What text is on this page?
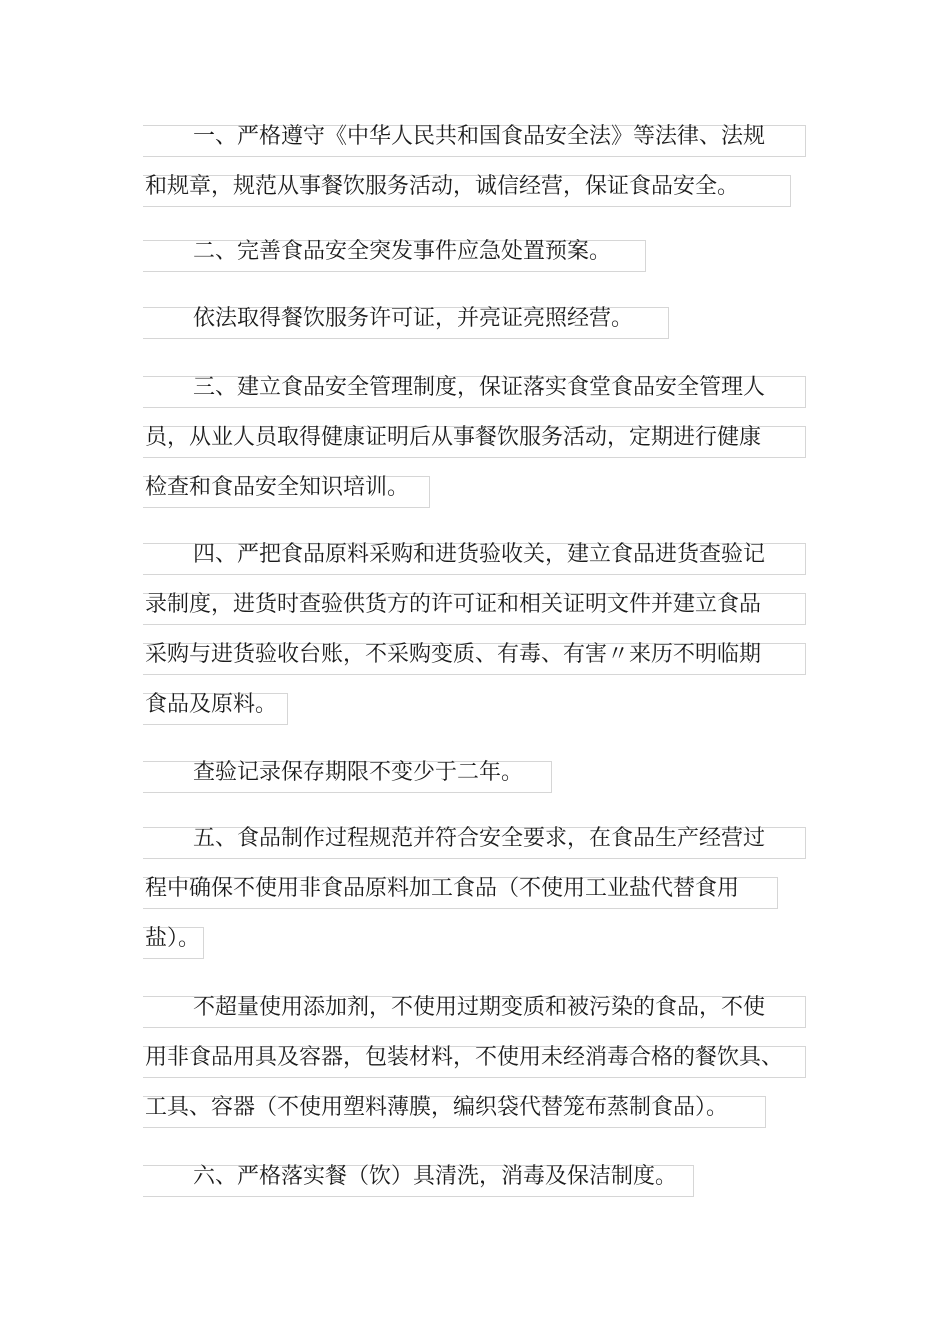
一、严格遵守《中华人民共和国食品安全法》等法律、法规
和规章，规范从事餐饮服务活动，诚信经营，保证食品安全。
二、完善食品安全突发事件应急处置预案。
依法取得餐饮服务许可证，并亮证亮照经营。
三、建立食品安全管理制度，保证落实食堂食品安全管理人
员，从业人员取得健康证明后从事餐饮服务活动，定期进行健康
检查和食品安全知识培训。
四、严把食品原料采购和进货验收关，建立食品进货查验记
录制度，进货时查验供货方的许可证和相关证明文件并建立食品
采购与进货验收台账，不采购变质、有毒、有害〃来历不明临期
食品及原料。
查验记录保存期限不变少于二年。
五、食品制作过程规范并符合安全要求，在食品生产经营过
程中确保不使用非食品原料加工食品（不使用工业盐代替食用
盐）。
不超量使用添加剂，不使用过期变质和被污染的食品，不使
用非食品用具及容器，包装材料，不使用未经消毒合格的餐饮具、
工具、容器（不使用塑料薄膜，编织袋代替笼布蒸制食品）。
六、严格落实餐（饮）具清洗，消毒及保洁制度。
